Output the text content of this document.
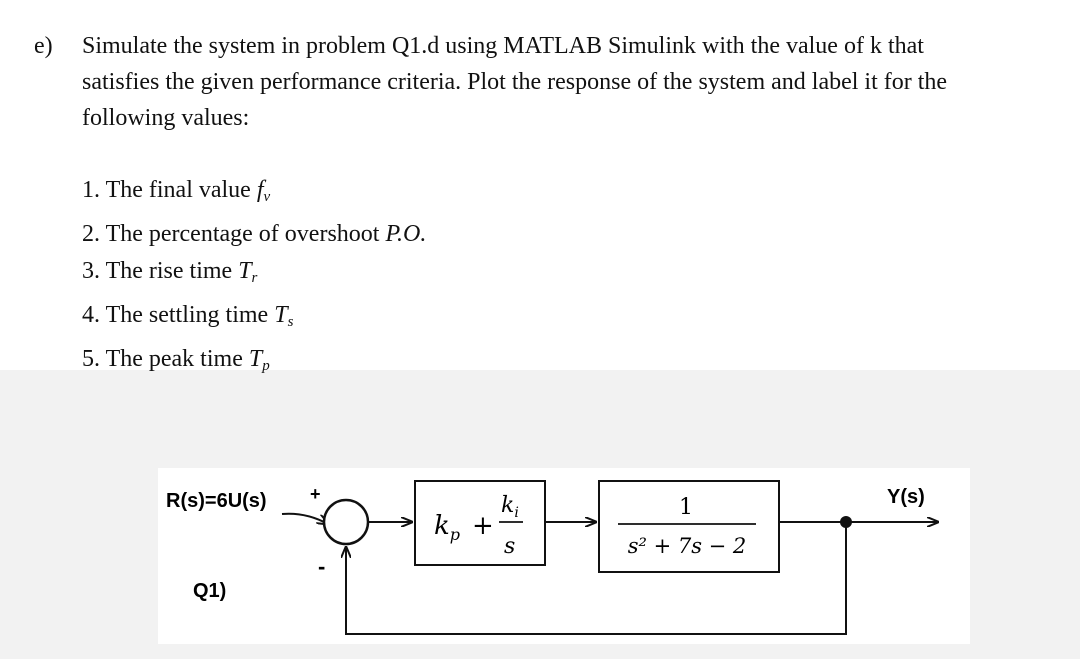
e) Simulate the system in problem Q1.d using MATLAB Simulink with the value of k that
satisfies the given performance criteria. Plot the response of the system and label it for the
following values:
1. The final value $f_v$
2. The percentage of overshoot P.O.
3. The rise time $T_r$
4. The settling time $T_s$
5. The peak time $T_p$
R(s)=6U(s) +
-
$k_p$ +
$k_i$
s
1
s² + 7s − 2
Y(s)
Q1)
